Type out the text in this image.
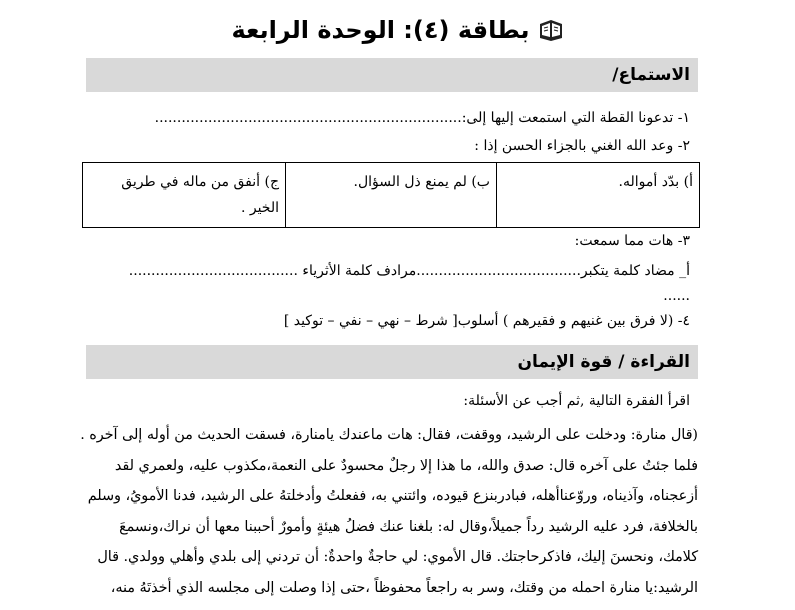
بطاقة (٤): الوحدة الرابعة
الاستماع/
١- تدعونا القطة التي استمعت إليها إلى:.....................................................................
٢- وعد الله الغني بالجزاء الحسن إذا :
أ) بدّد أمواله.	ب) لم يمنع ذل السؤال.	ج) أنفق من ماله في طريق الخير .
٣- هات مما سمعت:
أ_ مضاد كلمة يتكبر.....................................مرادف كلمة الأثرياء ......................................
......
٤- (لا فرق بين غنيهم و فقيرهم ) أسلوب[ شرط – نهي – نفي – توكيد ]
القراءة / قوة الإيمان
اقرأ الفقرة التالية ,ثم أجب عن الأسئلة:
(قال منارة: ودخلت على الرشيد، ووقفت، فقال: هات ماعندك يامنارة، فسقت الحديث من أوله إلى آخره .
فلما جئتُ على آخره قال: صدق والله، ما هذا إلا رجلٌ محسودٌ على النعمة،مكذوب عليه، ولعمري لقد
أزعجناه، وآذيناه، وروّعناأهله، فبادربنزع قيوده، وائتني به، ففعلتُ وأدخلتهُ على الرشيد، فدنا الأمويُ، وسلم
بالخلافة، فرد عليه الرشيد رداً جميلاً،وقال له: بلغنا عنك فضلُ هيئةٍ وأمورٌ أحببنا معها أن نراك،ونسمعَ
كلامك، ونحسنَ إليك، فاذكرحاجتك. قال الأموي: لي حاجةٌ واحدةٌ: أن تردني إلى بلدي وأهلي وولدي. قال
الرشيد:يا منارة احمله من وقتك، وسر به راجعاً محفوظاً ،حتى إذا وصلت إلى مجلسه الذي أخذتَهُ منه،
